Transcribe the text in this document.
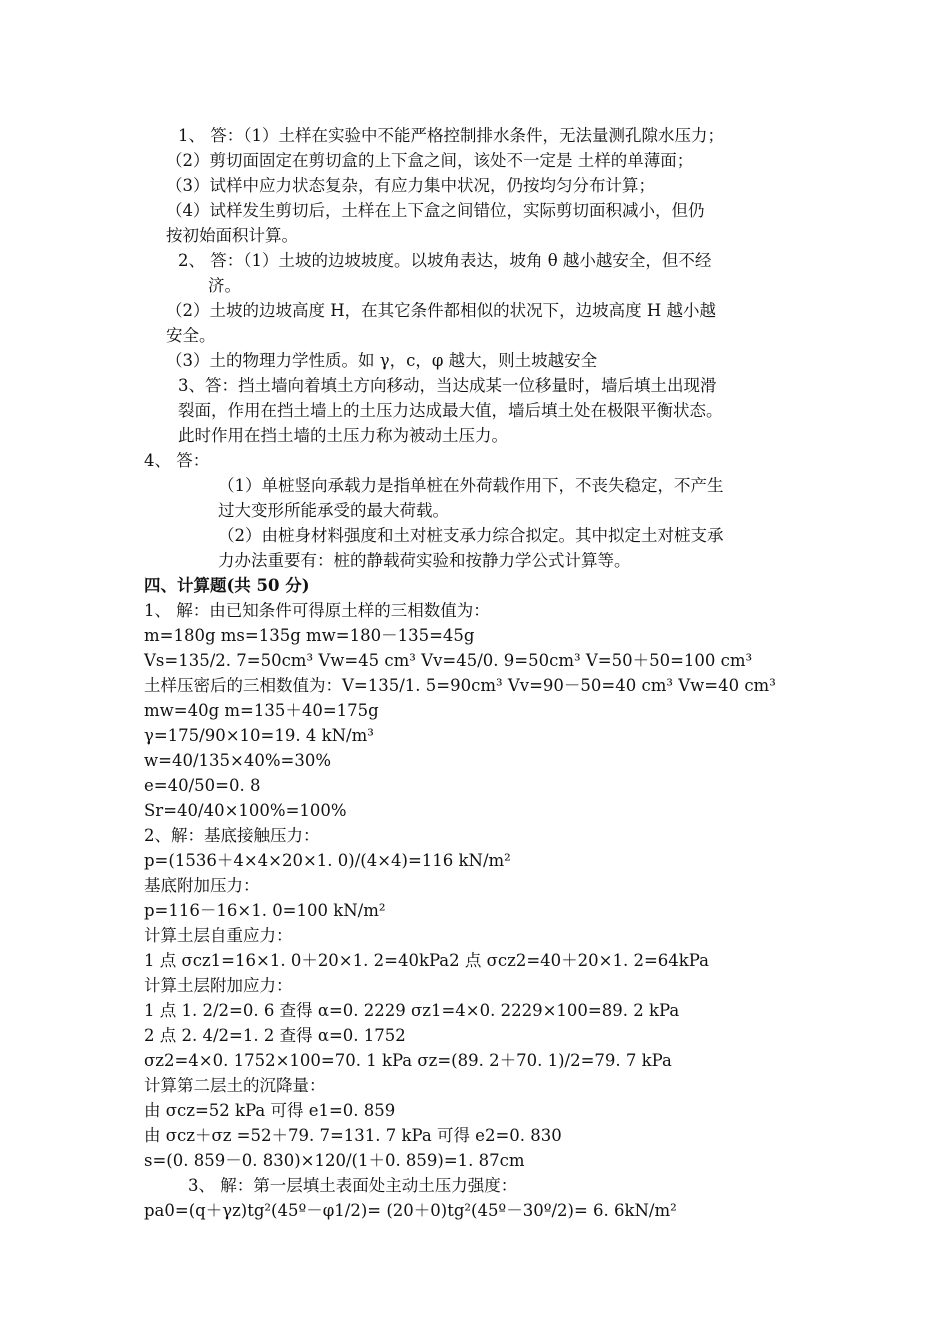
1、 答：（1）土样在实验中不能严格控制排水条件，无法量测孔隙水压力；
（2）剪切面固定在剪切盒的上下盒之间，该处不一定是 土样的单薄面；
（3）试样中应力状态复杂，有应力集中状况，仍按均匀分布计算；
（4）试样发生剪切后，土样在上下盒之间错位，实际剪切面积减小，但仍
按初始面积计算。
2、 答：（1）土坡的边坡坡度。以坡角表达，坡角 θ 越小越安全，但不经
济。
（2）土坡的边坡高度 H，在其它条件都相似的状况下，边坡高度 H 越小越
安全。
（3）土的物理力学性质。如 γ，c，φ 越大，则土坡越安全
3、答：挡土墙向着填土方向移动，当达成某一位移量时，墙后填土出现滑
裂面，作用在挡土墙上的土压力达成最大值，墙后填土处在极限平衡状态。
此时作用在挡土墙的土压力称为被动土压力。
4、 答：
（1）单桩竖向承载力是指单桩在外荷载作用下，不丧失稳定，不产生
过大变形所能承受的最大荷载。
（2）由桩身材料强度和土对桩支承力综合拟定。其中拟定土对桩支承
力办法重要有：桩的静载荷实验和按静力学公式计算等。
四、计算题(共 50 分)
1、 解：由已知条件可得原土样的三相数值为：
m=180g ms=135g mw=180－135=45g
Vs=135/2. 7=50cm³ Vw=45 cm³ Vv=45/0. 9=50cm³ V=50＋50=100 cm³
土样压密后的三相数值为：V=135/1. 5=90cm³ Vv=90－50=40 cm³ Vw=40 cm³
mw=40g m=135＋40=175g
γ=175/90×10=19. 4 kN/m³
w=40/135×40%=30%
e=40/50=0. 8
Sr=40/40×100%=100%
2、解：基底接触压力：
p=(1536＋4×4×20×1. 0)/(4×4)=116 kN/m²
基底附加压力：
p=116－16×1. 0=100 kN/m²
计算土层自重应力：
1 点 σcz1=16×1. 0＋20×1. 2=40kPa2 点 σcz2=40＋20×1. 2=64kPa
计算土层附加应力：
1 点 1. 2/2=0. 6 查得 α=0. 2229 σz1=4×0. 2229×100=89. 2 kPa
2 点 2. 4/2=1. 2 查得 α=0. 1752
σz2=4×0. 1752×100=70. 1 kPa σz=(89. 2＋70. 1)/2=79. 7 kPa
计算第二层土的沉降量：
由 σcz=52 kPa 可得 e1=0. 859
由 σcz＋σz =52＋79. 7=131. 7 kPa 可得 e2=0. 830
s=(0. 859－0. 830)×120/(1＋0. 859)=1. 87cm
3、 解：第一层填土表面处主动土压力强度：
pa0=(q＋γz)tg²(45º－φ1/2)= (20＋0)tg²(45º－30º/2)= 6. 6kN/m²
